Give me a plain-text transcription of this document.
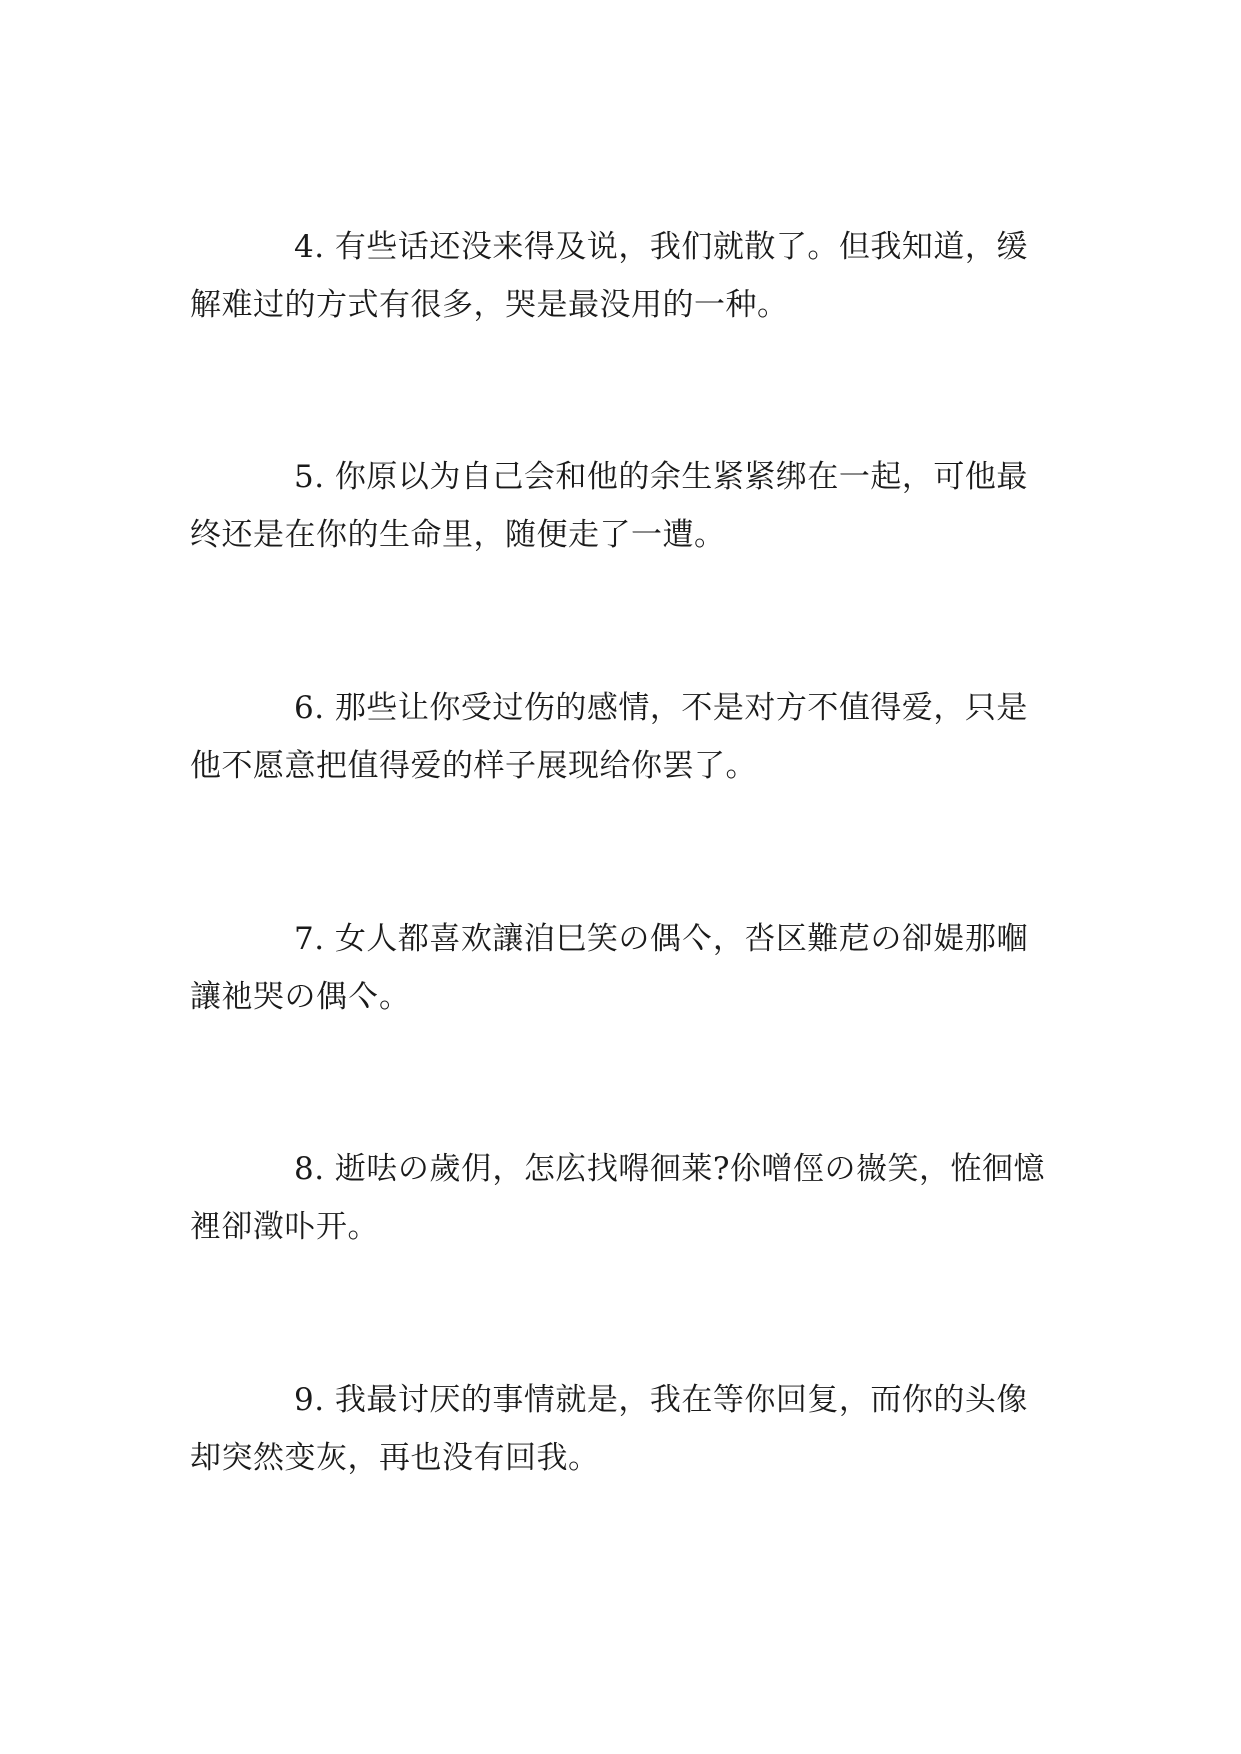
4. 有些话还没来得及说，我们就散了。但我知道，缓解难过的方式有很多，哭是最没用的一种。

5. 你原以为自己会和他的余生紧紧绑在一起，可他最终还是在你的生命里，随便走了一遭。

6. 那些让你受过伤的感情，不是对方不值得爱，只是他不愿意把值得爱的样子展现给你罢了。

7. 女人都喜欢讓洎巳笑の偶亽，呇区難苨の卻媞那嗰讓祂哭の偶亽。

8. 逝呿の歲仴，怎庅找嘚徊莱?伱噌俓の嶶笑，恠徊憶裡卻澂卟开。

9. 我最讨厌的事情就是，我在等你回复，而你的头像却突然变灰，再也没有回我。
